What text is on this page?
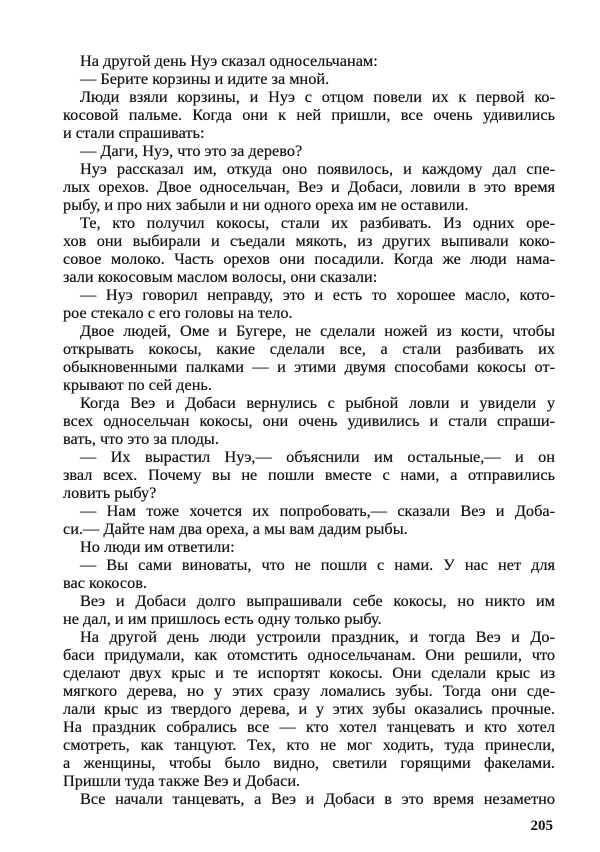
На другой день Нуэ сказал односельчанам:
— Берите корзины и идите за мной.
Люди взяли корзины, и Нуэ с отцом повели их к первой ко-
косовой пальме. Когда они к ней пришли, все очень удивились
и стали спрашивать:
— Даги, Нуэ, что это за дерево?
Нуэ рассказал им, откуда оно появилось, и каждому дал спе-
лых орехов. Двое односельчан, Веэ и Добаси, ловили в это время
рыбу, и про них забыли и ни одного ореха им не оставили.
Те, кто получил кокосы, стали их разбивать. Из одних оре-
хов они выбирали и съедали мякоть, из других выпивали коко-
совое молоко. Часть орехов они посадили. Когда же люди нама-
зали кокосовым маслом волосы, они сказали:
— Нуэ говорил неправду, это и есть то хорошее масло, кото-
рое стекало с его головы на тело.
Двое людей, Оме и Бугере, не сделали ножей из кости, чтобы
открывать кокосы, какие сделали все, а стали разбивать их
обыкновенными палками — и этими двумя способами кокосы от-
крывают по сей день.
Когда Веэ и Добаси вернулись с рыбной ловли и увидели у
всех односельчан кокосы, они очень удивились и стали спраши-
вать, что это за плоды.
— Их вырастил Нуэ,— объяснили им остальные,— и он
звал всех. Почему вы не пошли вместе с нами, а отправились
ловить рыбу?
— Нам тоже хочется их попробовать,— сказали Веэ и Доба-
си.— Дайте нам два ореха, а мы вам дадим рыбы.
Но люди им ответили:
— Вы сами виноваты, что не пошли с нами. У нас нет для
вас кокосов.
Веэ и Добаси долго выпрашивали себе кокосы, но никто им
не дал, и им пришлось есть одну только рыбу.
На другой день люди устроили праздник, и тогда Веэ и До-
баси придумали, как отомстить односельчанам. Они решили, что
сделают двух крыс и те испортят кокосы. Они сделали крыс из
мягкого дерева, но у этих сразу ломались зубы. Тогда они сде-
лали крыс из твердого дерева, и у этих зубы оказались прочные.
На праздник собрались все — кто хотел танцевать и кто хотел
смотреть, как танцуют. Тех, кто не мог ходить, туда принесли,
а женщины, чтобы было видно, светили горящими факелами.
Пришли туда также Веэ и Добаси.
Все начали танцевать, а Веэ и Добаси в это время незаметно
205
